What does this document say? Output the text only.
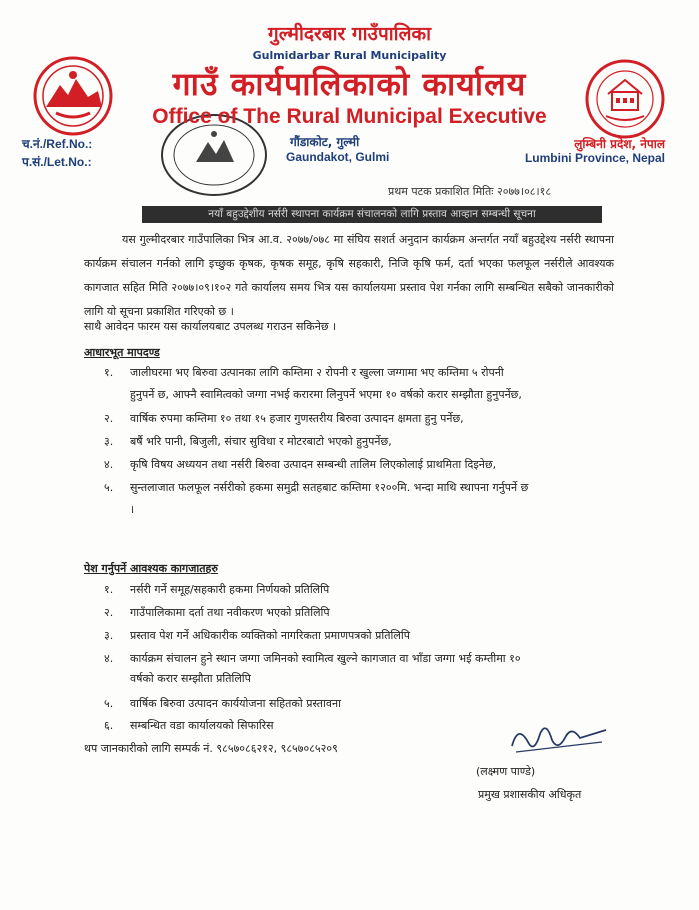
गुल्मीदरबार गाउँपालिका
Gulmidarbar Rural Municipality
गाउँ कार्यपालिकाको कार्यालय
Office of The Rural Municipal Executive
गौंडाकोट, गुल्मी
Gaundakot, Gulmi
च.नं./Ref.No.:
प.सं./Let.No.:
लुम्बिनी प्रदेश, नेपाल
Lumbini Province, Nepal
प्रथम पटक प्रकाशित मितिः २०७७।०८।१८
नयाँ बहुउद्देशीय नर्सरी स्थापना कार्यक्रम संचालनको लागि प्रस्ताव आव्हान सम्बन्धी सूचना
यस गुल्मीदरबार गाउँपालिका भित्र आ.व. २०७७/०७८ मा संघिय सशर्त अनुदान कार्यक्रम अन्तर्गत नयाँ बहुउद्देश्य नर्सरी स्थापना कार्यक्रम संचालन गर्नको लागि इच्छुक कृषक, कृषक समूह, कृषि सहकारी, निजि कृषि फर्म, दर्ता भएका फलफूल नर्सरीले आवश्यक कागजात सहित मिति २०७७।०९।१०२ गते कार्यालय समय भित्र यस कार्यालयमा प्रस्ताव पेश गर्नका लागि सम्बन्धित सबैको जानकारीको लागि यो सूचना प्रकाशित गरिएको छ ।
साथै आवेदन फारम यस कार्यालयबाट उपलब्ध गराउन सकिनेछ ।
आधारभूत मापदण्ड
१. जालीघरमा भए बिरुवा उत्पानका लागि कम्तिमा २ रोपनी र खुल्ला जग्गामा भए कम्तिमा ५ रोपनी
हुनुपर्ने छ, आफ्नै स्वामित्वको जग्गा नभई करारमा लिनुपर्ने भएमा १० वर्षको करार सम्झौता हुनुपर्नेछ,
२. वार्षिक रुपमा कम्तिमा १० तथा १५ हजार गुणस्तरीय बिरुवा उत्पादन क्षमता हुनु पर्नेछ,
३. बर्षै भरि पानी, बिजुली, संचार सुविधा र मोटरबाटो भएको हुनुपर्नेछ,
४. कृषि विषय अध्ययन तथा नर्सरी बिरुवा उत्पादन सम्बन्धी तालिम लिएकोलाई प्राथमिता दिइनेछ,
५. सुन्तलाजात फलफूल नर्सरीको हकमा समुद्री सतहबाट कम्तिमा १२००मि. भन्दा माथि स्थापना गर्नुपर्ने छ
।
पेश गर्नुपर्ने आवश्यक कागजातहरु
१. नर्सरी गर्ने समूह/सहकारी हकमा निर्णयको प्रतिलिपि
२. गाउँपालिकामा दर्ता तथा नवीकरण भएको प्रतिलिपि
३. प्रस्ताव पेश गर्ने अधिकारीक व्यक्तिको नागरिकता प्रमाणपत्रको प्रतिलिपि
४. कार्यक्रम संचालन हुने स्थान जग्गा जमिनको स्वामित्व खुल्ने कागजात वा भाँडा जग्गा भई कम्तीमा १०
वर्षको करार सम्झौता प्रतिलिपि
५. वार्षिक बिरुवा उत्पादन कार्ययोजना सहितको प्रस्तावना
६. सम्बन्धित वडा कार्यालयको सिफारिस
थप जानकारीको लागि सम्पर्क नं. ९८५७०८६२१२, ९८५७०८५२०९
(लक्ष्मण पाण्डे)
प्रमुख प्रशासकीय अधिकृत
